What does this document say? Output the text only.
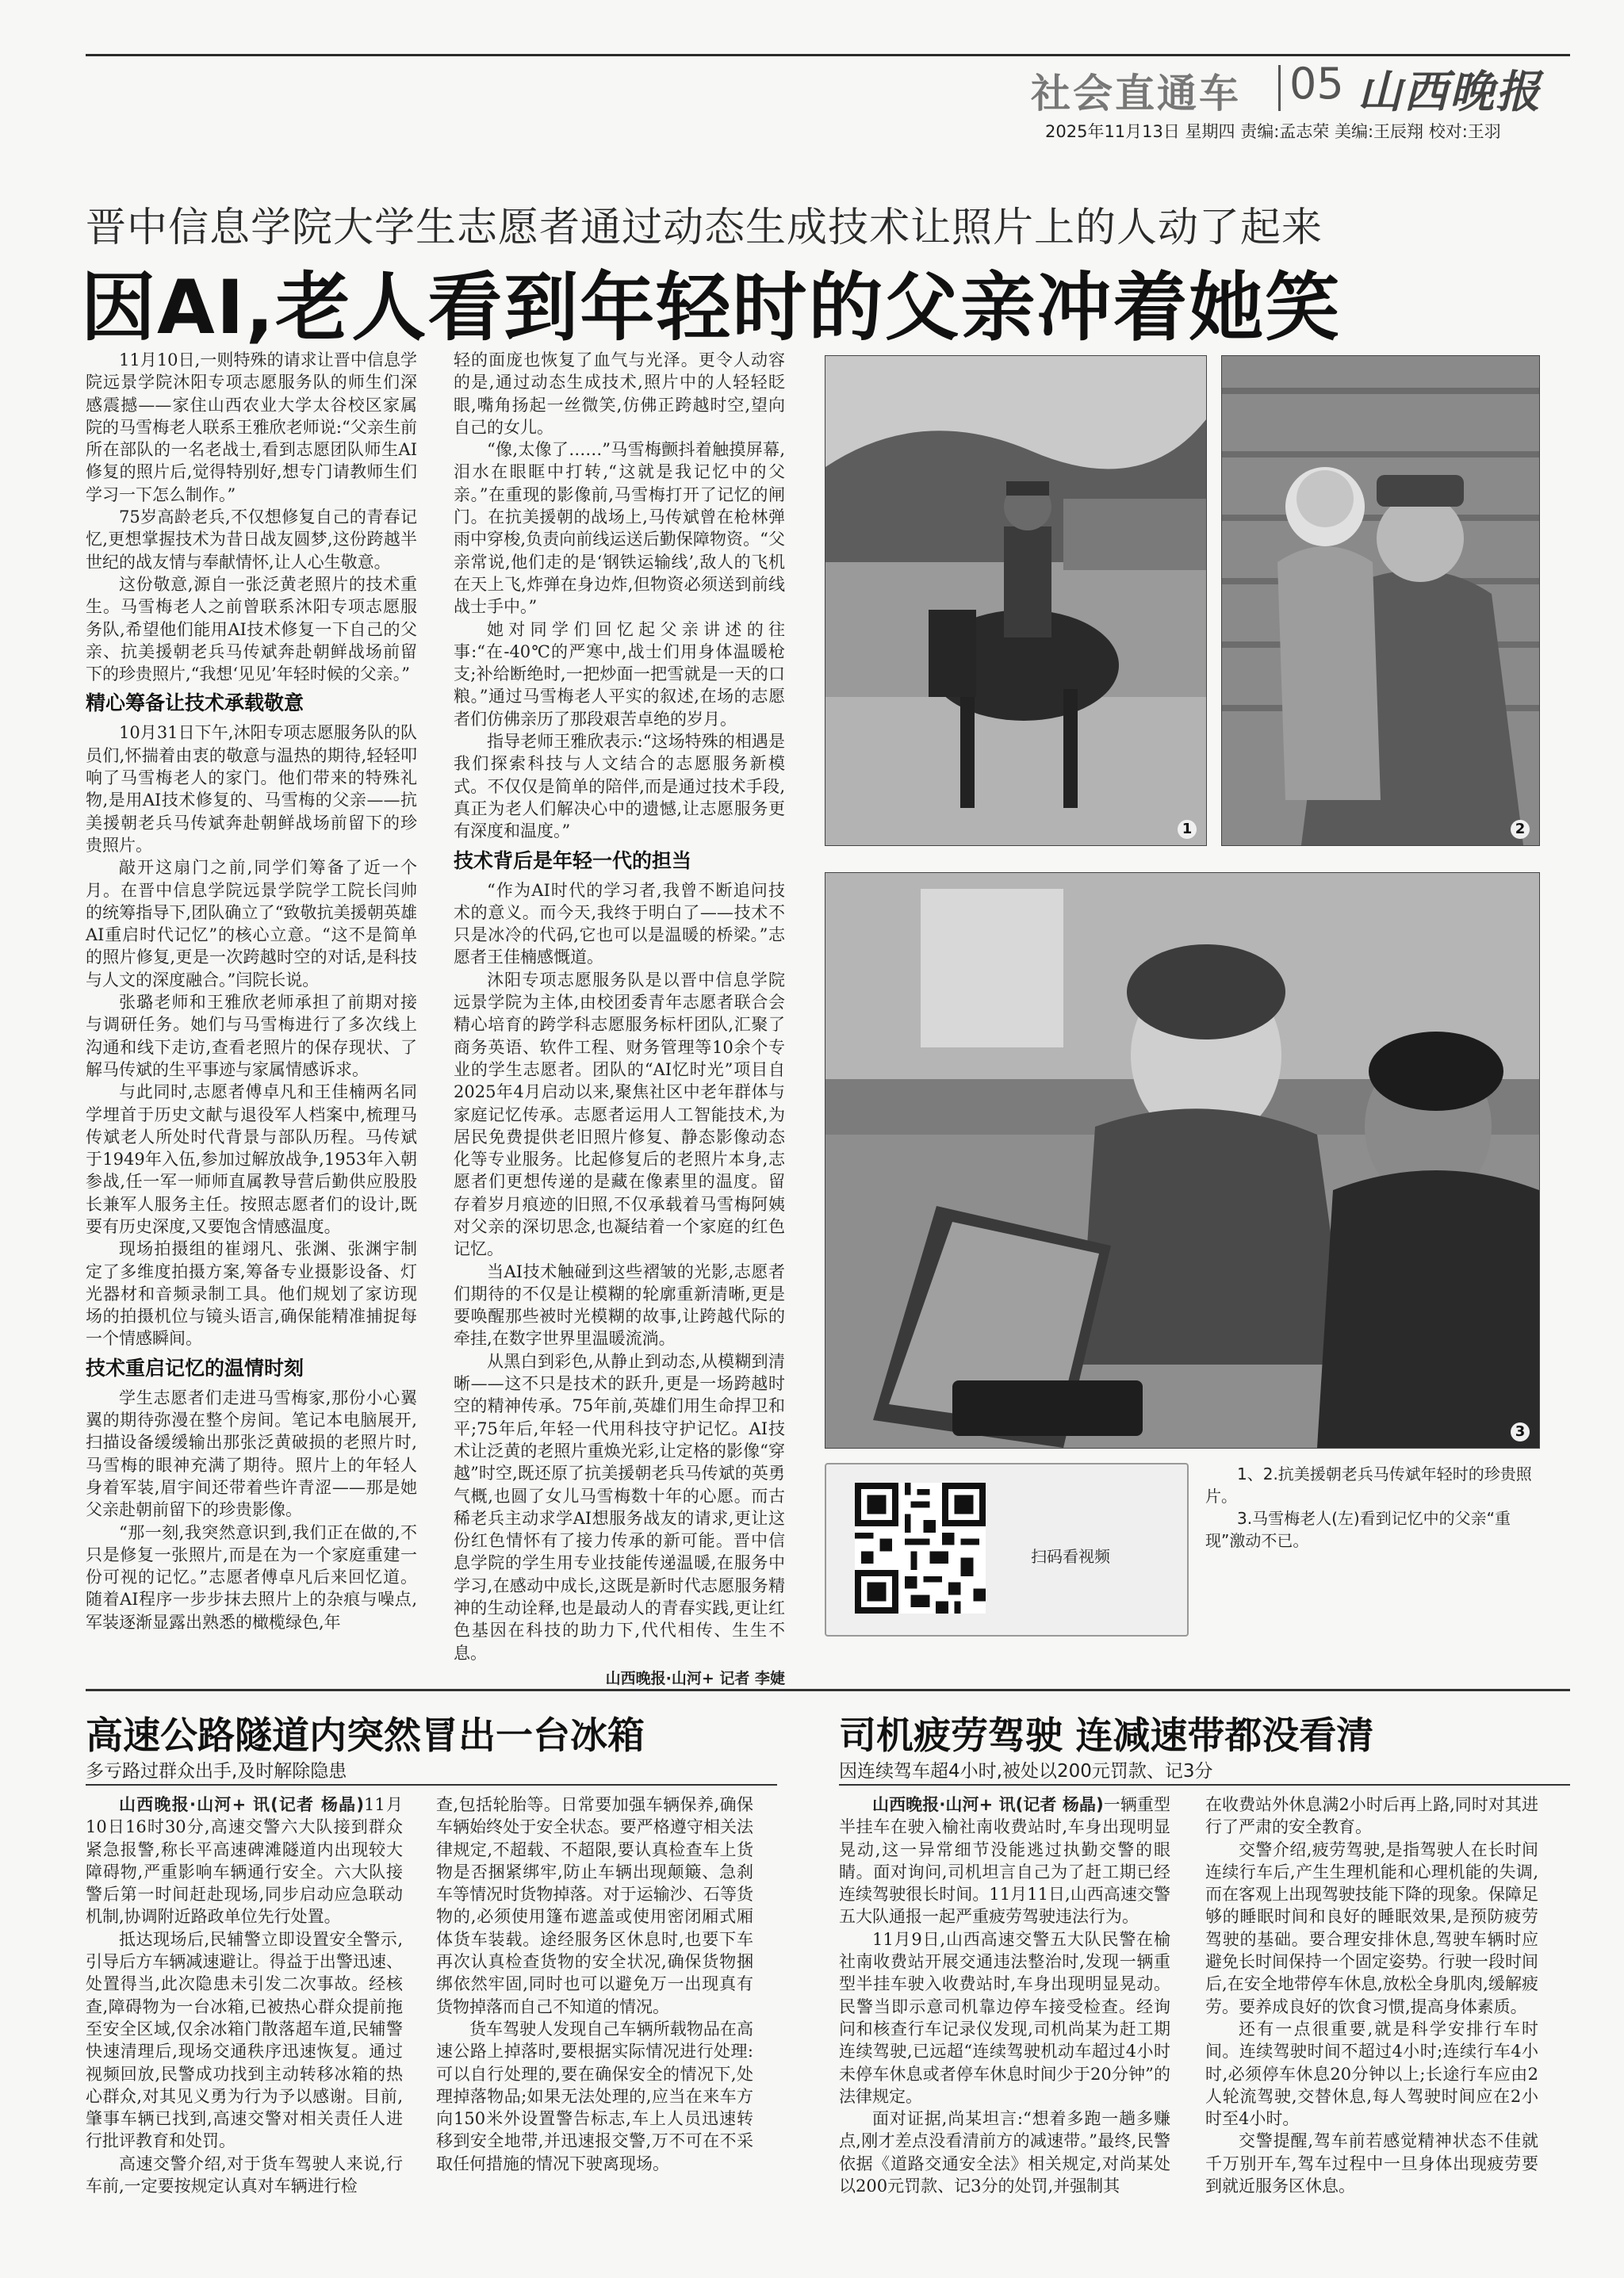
社会直通车 05 山西晚报
2025年11月13日 星期四 责编:孟志荣 美编:王辰翔 校对:王羽
晋中信息学院大学生志愿者通过动态生成技术让照片上的人动了起来
因AI,老人看到年轻时的父亲冲着她笑

11月10日,一则特殊的请求让晋中信息学院远景学院沐阳专项志愿服务队的师生们深感震撼——家住山西农业大学太谷校区家属院的马雪梅老人联系王雅欣老师说:“父亲生前所在部队的一名老战士,看到志愿团队师生AI修复的照片后,觉得特别好,想专门请教师生们学习一下怎么制作。”

75岁高龄老兵,不仅想修复自己的青春记忆,更想掌握技术为昔日战友圆梦,这份跨越半世纪的战友情与奉献情怀,让人心生敬意。

这份敬意,源自一张泛黄老照片的技术重生。马雪梅老人之前曾联系沐阳专项志愿服务队,希望他们能用AI技术修复一下自己的父亲、抗美援朝老兵马传斌奔赴朝鲜战场前留下的珍贵照片,“我想‘见见’年轻时候的父亲。”

精心筹备让技术承载敬意

10月31日下午,沐阳专项志愿服务队的队员们,怀揣着由衷的敬意与温热的期待,轻轻叩响了马雪梅老人的家门。他们带来的特殊礼物,是用AI技术修复的、马雪梅的父亲——抗美援朝老兵马传斌奔赴朝鲜战场前留下的珍贵照片。

敲开这扇门之前,同学们筹备了近一个月。在晋中信息学院远景学院学工院长闫帅的统筹指导下,团队确立了“致敬抗美援朝英雄AI重启时代记忆”的核心立意。“这不是简单的照片修复,更是一次跨越时空的对话,是科技与人文的深度融合。”闫院长说。

张璐老师和王雅欣老师承担了前期对接与调研任务。她们与马雪梅进行了多次线上沟通和线下走访,查看老照片的保存现状、了解马传斌的生平事迹与家属情感诉求。

与此同时,志愿者傅卓凡和王佳楠两名同学埋首于历史文献与退役军人档案中,梳理马传斌老人所处时代背景与部队历程。马传斌于1949年入伍,参加过解放战争,1953年入朝参战,任一军一师师直属教导营后勤供应股股长兼军人服务主任。按照志愿者们的设计,既要有历史深度,又要饱含情感温度。

现场拍摄组的崔翊凡、张渊、张渊宇制定了多维度拍摄方案,筹备专业摄影设备、灯光器材和音频录制工具。他们规划了家访现场的拍摄机位与镜头语言,确保能精准捕捉每一个情感瞬间。

技术重启记忆的温情时刻

学生志愿者们走进马雪梅家,那份小心翼翼的期待弥漫在整个房间。笔记本电脑展开,扫描设备缓缓输出那张泛黄破损的老照片时,马雪梅的眼神充满了期待。照片上的年轻人身着军装,眉宇间还带着些许青涩——那是她父亲赴朝前留下的珍贵影像。

“那一刻,我突然意识到,我们正在做的,不只是修复一张照片,而是在为一个家庭重建一份可视的记忆。”志愿者傅卓凡后来回忆道。随着AI程序一步步抹去照片上的杂痕与噪点,军装逐渐显露出熟悉的橄榄绿色,年

轻的面庞也恢复了血气与光泽。更令人动容的是,通过动态生成技术,照片中的人轻轻眨眼,嘴角扬起一丝微笑,仿佛正跨越时空,望向自己的女儿。

“像,太像了……”马雪梅颤抖着触摸屏幕,泪水在眼眶中打转,“这就是我记忆中的父亲。”在重现的影像前,马雪梅打开了记忆的闸门。在抗美援朝的战场上,马传斌曾在枪林弹雨中穿梭,负责向前线运送后勤保障物资。“父亲常说,他们走的是‘钢铁运输线’,敌人的飞机在天上飞,炸弹在身边炸,但物资必须送到前线战士手中。”

她对同学们回忆起父亲讲述的往事:“在-40℃的严寒中,战士们用身体温暖枪支;补给断绝时,一把炒面一把雪就是一天的口粮。”通过马雪梅老人平实的叙述,在场的志愿者们仿佛亲历了那段艰苦卓绝的岁月。

指导老师王雅欣表示:“这场特殊的相遇是我们探索科技与人文结合的志愿服务新模式。不仅仅是简单的陪伴,而是通过技术手段,真正为老人们解决心中的遗憾,让志愿服务更有深度和温度。”

技术背后是年轻一代的担当

“作为AI时代的学习者,我曾不断追问技术的意义。而今天,我终于明白了——技术不只是冰冷的代码,它也可以是温暖的桥梁。”志愿者王佳楠感慨道。

沐阳专项志愿服务队是以晋中信息学院远景学院为主体,由校团委青年志愿者联合会精心培育的跨学科志愿服务标杆团队,汇聚了商务英语、软件工程、财务管理等10余个专业的学生志愿者。团队的“AI忆时光”项目自2025年4月启动以来,聚焦社区中老年群体与家庭记忆传承。志愿者运用人工智能技术,为居民免费提供老旧照片修复、静态影像动态化等专业服务。比起修复后的老照片本身,志愿者们更想传递的是藏在像素里的温度。留存着岁月痕迹的旧照,不仅承载着马雪梅阿姨对父亲的深切思念,也凝结着一个家庭的红色记忆。

当AI技术触碰到这些褶皱的光影,志愿者们期待的不仅是让模糊的轮廓重新清晰,更是要唤醒那些被时光模糊的故事,让跨越代际的牵挂,在数字世界里温暖流淌。

从黑白到彩色,从静止到动态,从模糊到清晰——这不只是技术的跃升,更是一场跨越时空的精神传承。75年前,英雄们用生命捍卫和平;75年后,年轻一代用科技守护记忆。AI技术让泛黄的老照片重焕光彩,让定格的影像“穿越”时空,既还原了抗美援朝老兵马传斌的英勇气概,也圆了女儿马雪梅数十年的心愿。而古稀老兵主动求学AI想服务战友的请求,更让这份红色情怀有了接力传承的新可能。晋中信息学院的学生用专业技能传递温暖,在服务中学习,在感动中成长,这既是新时代志愿服务精神的生动诠释,也是最动人的青春实践,更让红色基因在科技的助力下,代代相传、生生不息。

山西晚报·山河+ 记者 李婕

1	2
3
扫码看视频
1、2.抗美援朝老兵马传斌年轻时的珍贵照片。
3.马雪梅老人(左)看到记忆中的父亲“重现”激动不已。
高速公路隧道内突然冒出一台冰箱
多亏路过群众出手,及时解除隐患

山西晚报·山河+ 讯(记者 杨晶)11月10日16时30分,高速交警六大队接到群众紧急报警,称长平高速碑滩隧道内出现较大障碍物,严重影响车辆通行安全。六大队接警后第一时间赶赴现场,同步启动应急联动机制,协调附近路政单位先行处置。

抵达现场后,民辅警立即设置安全警示,引导后方车辆减速避让。得益于出警迅速、处置得当,此次隐患未引发二次事故。经核查,障碍物为一台冰箱,已被热心群众提前拖至安全区域,仅余冰箱门散落超车道,民辅警快速清理后,现场交通秩序迅速恢复。通过视频回放,民警成功找到主动转移冰箱的热心群众,对其见义勇为行为予以感谢。目前,肇事车辆已找到,高速交警对相关责任人进行批评教育和处罚。

高速交警介绍,对于货车驾驶人来说,行车前,一定要按规定认真对车辆进行检

查,包括轮胎等。日常要加强车辆保养,确保车辆始终处于安全状态。要严格遵守相关法律规定,不超载、不超限,要认真检查车上货物是否捆紧绑牢,防止车辆出现颠簸、急刹车等情况时货物掉落。对于运输沙、石等货物的,必须使用篷布遮盖或使用密闭厢式厢体货车装载。途经服务区休息时,也要下车再次认真检查货物的安全状况,确保货物捆绑依然牢固,同时也可以避免万一出现真有货物掉落而自己不知道的情况。

货车驾驶人发现自己车辆所载物品在高速公路上掉落时,要根据实际情况进行处理:可以自行处理的,要在确保安全的情况下,处理掉落物品;如果无法处理的,应当在来车方向150米外设置警告标志,车上人员迅速转移到安全地带,并迅速报交警,万不可在不采取任何措施的情况下驶离现场。

司机疲劳驾驶 连减速带都没看清
因连续驾车超4小时,被处以200元罚款、记3分

山西晚报·山河+ 讯(记者 杨晶)一辆重型半挂车在驶入榆社南收费站时,车身出现明显晃动,这一异常细节没能逃过执勤交警的眼睛。面对询问,司机坦言自己为了赶工期已经连续驾驶很长时间。11月11日,山西高速交警五大队通报一起严重疲劳驾驶违法行为。

11月9日,山西高速交警五大队民警在榆社南收费站开展交通违法整治时,发现一辆重型半挂车驶入收费站时,车身出现明显晃动。民警当即示意司机靠边停车接受检查。经询问和核查行车记录仪发现,司机尚某为赶工期连续驾驶,已远超“连续驾驶机动车超过4小时未停车休息或者停车休息时间少于20分钟”的法律规定。

面对证据,尚某坦言:“想着多跑一趟多赚点,刚才差点没看清前方的减速带。”最终,民警依据《道路交通安全法》相关规定,对尚某处以200元罚款、记3分的处罚,并强制其

在收费站外休息满2小时后再上路,同时对其进行了严肃的安全教育。

交警介绍,疲劳驾驶,是指驾驶人在长时间连续行车后,产生生理机能和心理机能的失调,而在客观上出现驾驶技能下降的现象。保障足够的睡眠时间和良好的睡眠效果,是预防疲劳驾驶的基础。要合理安排休息,驾驶车辆时应避免长时间保持一个固定姿势。行驶一段时间后,在安全地带停车休息,放松全身肌肉,缓解疲劳。要养成良好的饮食习惯,提高身体素质。

还有一点很重要,就是科学安排行车时间。连续驾驶时间不超过4小时;连续行车4小时,必须停车休息20分钟以上;长途行车应由2人轮流驾驶,交替休息,每人驾驶时间应在2小时至4小时。

交警提醒,驾车前若感觉精神状态不佳就千万别开车,驾车过程中一旦身体出现疲劳要到就近服务区休息。
